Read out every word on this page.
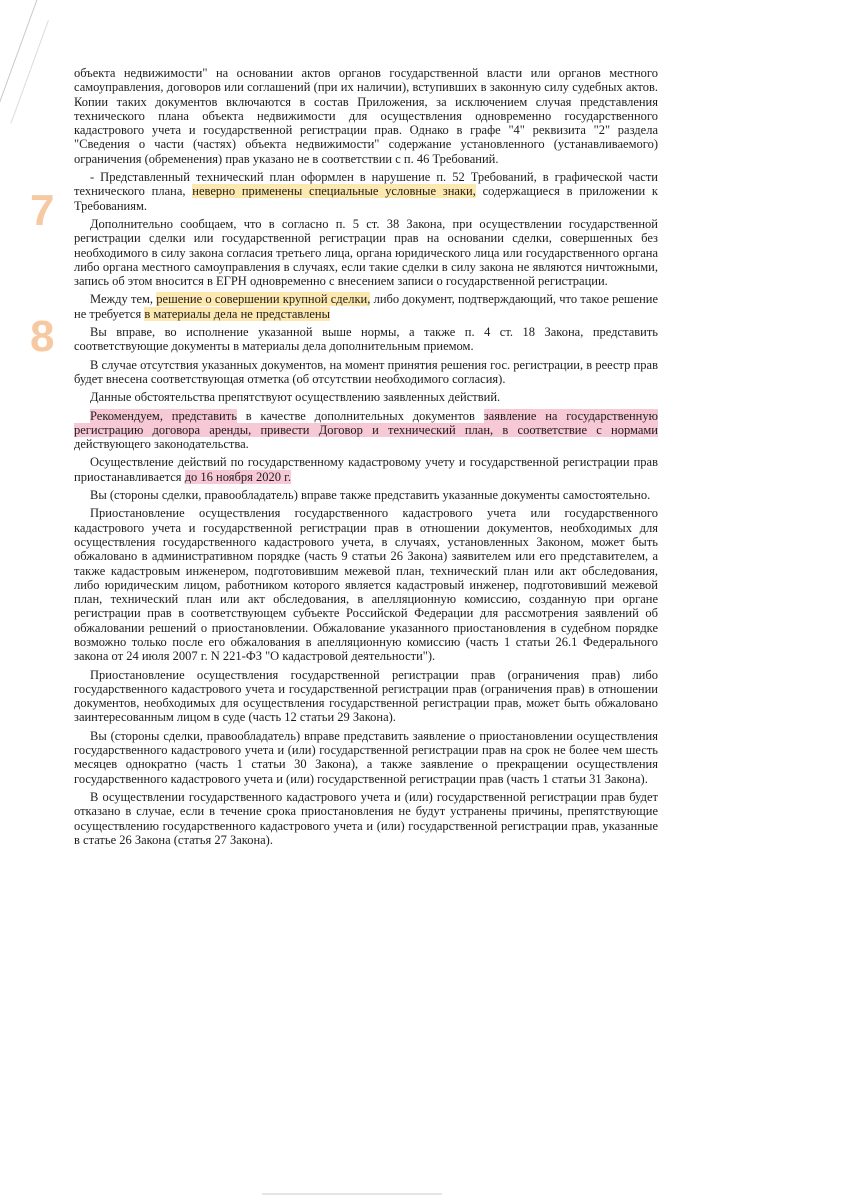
7
8

объекта недвижимости" на основании актов органов государственной власти или органов местного самоуправления, договоров или соглашений (при их наличии), вступивших в законную силу судебных актов. Копии таких документов включаются в состав Приложения, за исключением случая представления технического плана объекта недвижимости для осуществления одновременно государственного кадастрового учета и государственной регистрации прав. Однако в графе "4" реквизита "2" раздела "Сведения о части (частях) объекта недвижимости" содержание установленного (устанавливаемого) ограничения (обременения) прав указано не в соответствии с п. 46 Требований.

- Представленный технический план оформлен в нарушение п. 52 Требований, в графической части технического плана, неверно применены специальные условные знаки, содержащиеся в приложении к Требованиям.

Дополнительно сообщаем, что в согласно п. 5 ст. 38 Закона, при осуществлении государственной регистрации сделки или государственной регистрации прав на основании сделки, совершенных без необходимого в силу закона согласия третьего лица, органа юридического лица или государственного органа либо органа местного самоуправления в случаях, если такие сделки в силу закона не являются ничтожными, запись об этом вносится в ЕГРН одновременно с внесением записи о государственной регистрации.

Между тем, решение о совершении крупной сделки, либо документ, подтверждающий, что такое решение не требуется в материалы дела не представлены

Вы вправе, во исполнение указанной выше нормы, а также п. 4 ст. 18 Закона, представить соответствующие документы в материалы дела дополнительным приемом.

В случае отсутствия указанных документов, на момент принятия решения гос. регистрации, в реестр прав будет внесена соответствующая отметка (об отсутствии необходимого согласия).

Данные обстоятельства препятствуют осуществлению заявленных действий.

Рекомендуем, представить в качестве дополнительных документов заявление на государственную регистрацию договора аренды, привести Договор и технический план, в соответствие с нормами действующего законодательства.

Осуществление действий по государственному кадастровому учету и государственной регистрации прав приостанавливается до 16 ноября 2020 г.

Вы (стороны сделки, правообладатель) вправе также представить указанные документы самостоятельно.

Приостановление осуществления государственного кадастрового учета или государственного кадастрового учета и государственной регистрации прав в отношении документов, необходимых для осуществления государственного кадастрового учета, в случаях, установленных Законом, может быть обжаловано в административном порядке (часть 9 статьи 26 Закона) заявителем или его представителем, а также кадастровым инженером, подготовившим межевой план, технический план или акт обследования, либо юридическим лицом, работником которого является кадастровый инженер, подготовивший межевой план, технический план или акт обследования, в апелляционную комиссию, созданную при органе регистрации прав в соответствующем субъекте Российской Федерации для рассмотрения заявлений об обжаловании решений о приостановлении. Обжалование указанного приостановления в судебном порядке возможно только после его обжалования в апелляционную комиссию (часть 1 статьи 26.1 Федерального закона от 24 июля 2007 г. N 221-ФЗ "О кадастровой деятельности").

Приостановление осуществления государственной регистрации прав (ограничения прав) либо государственного кадастрового учета и государственной регистрации прав (ограничения прав) в отношении документов, необходимых для осуществления государственной регистрации прав, может быть обжаловано заинтересованным лицом в суде (часть 12 статьи 29 Закона).

Вы (стороны сделки, правообладатель) вправе представить заявление о приостановлении осуществления государственного кадастрового учета и (или) государственной регистрации прав на срок не более чем шесть месяцев однократно (часть 1 статьи 30 Закона), а также заявление о прекращении осуществления государственного кадастрового учета и (или) государственной регистрации прав (часть 1 статьи 31 Закона).

В осуществлении государственного кадастрового учета и (или) государственной регистрации прав будет отказано в случае, если в течение срока приостановления не будут устранены причины, препятствующие осуществлению государственного кадастрового учета и (или) государственной регистрации прав, указанные в статье 26 Закона (статья 27 Закона).
